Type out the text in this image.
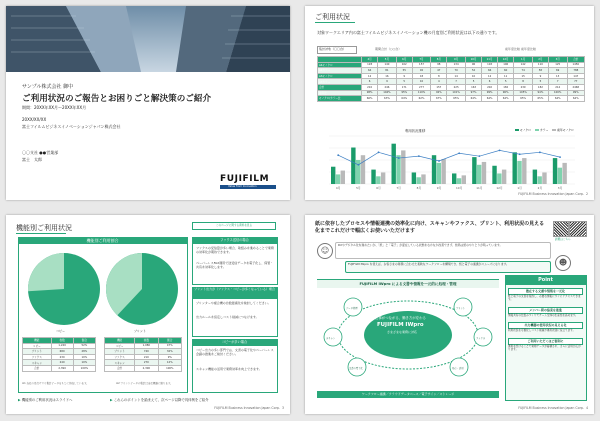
サンプル株式会社 御中
ご利用状況のご報告とお困りごと解決策のご紹介
期間：20XX年XX月～20XX年XX月
20XX/XX/XX
富士フイルムビジネスイノベーションジャパン株式会社
〇〇支社 ●●営業部
富士　太郎
FUJIFILM
Value from Innovation
ご利用状況
対象ワークエリア内の富士フイルムビジネスイノベーション機の月度別ご利用状況は以下の通りです。
集計対象（〇〇台）	期間合計（○○台）	前年度比較 前年度比較
	4月	5月	6月	7月	8月	9月	10月	11月	12月	1月	2月	3月	合計
A4モノクロ	128	140	102	157	98	134	96	118	106	142	110	125	1456
A4カラー	64	81	55	92	47	70	52	66	60	74	58	69	788
A3モノクロ	12	16	9	18	8	14	10	12	11	15	9	13	147
A3カラー	6	9	5	10	4	7	5	6	5	8	5	7	77
合計	210	246	171	277	157	225	163	202	182	239	182	214	2468
前年比	98%	104%	95%	110%	92%	101%	97%	99%	96%	105%	94%	100%	99%
モノクロ/カラー比	66%	63%	64%	62%	67%	65%	64%	64%	64%	65%	65%	64%	64%
利用状況推移	モノクロ	カラー	前年モノクロ
4月	5月	6月	7月	8月	9月	10月	11月	12月	1月	2月	3月
FUJIFILM Business Innovation Japan Corp. 2
機能別ご利用状況	このページに関する資料を見る
機能別ご利用割合
コピー	プリント
機能	枚数	割合
コピー	1,240	52%
プリント	680	28%
ファクス	230	10%
スキャン	240	10%
合計	2,390	100%
機能	枚数	割合
コピー	1,080	47%
プリント	740	32%
ファクス	210	9%
スキャン	270	12%
合計	2,300	100%
※1 当社の月次サマリ集計データをもとに作成しています。	※2 プリントデータの集計は当社機器に限ります。
ファクス送信の場合
ファクスの受信量が多い場合、取組みを進めることで業務の効率化が期待できます。
ペーパーレスFAX運用で送受信データを電子化し、保管・共有を効率化します。
プリント出力が（ファクス・コピーが多くなっている）場合
プリンターや複合機の台数最適化を検討してください。
出力ルールを設定しコスト削減につなげます。
コピーが多い場合
コピー出力の多い部門では、文書の電子化やペーパーレス会議の推進をご検討ください。
スキャン機能の活用で業務効率を向上できます。
▶ 機能別のご利用状況はスライドへ	▶ これらのポイントを踏まえて、次ページ以降で具体例をご紹介
FUJIFILM Business Innovation Japan Corp. 3
紙に依存したプロセスや情報連携の効率化に向け、スキャンやファクス、プリント、利用状況の見える化までこれだけで幅広くお使いいただけます
詳細はこちら
☺
DXやデジタル化を進めたいが、「紙」と「電子」が混在している状態をなかなか改善できず、結局は紙のやりとりが残っています。
FUJIFILM IWpro を使えば、お客さまの業務に合わせた柔軟なワークフローを構築でき、紙と電子の連携がスムーズになります。	☻
FUJIFILM IWpro による文書や情報を一元的に処理・管理
仕事がつながる、働き方が変わる
FUJIFILM IWpro
さまざまな業務に対応
データ管理	プリント
スキャン	ファクス
文書の電子化	共有・活用
ワークフロー連携／クラウドデータベース／電子サイン／ストレージ
Point
散在する文書や情報を一元化
紙と電子の文書を集約し、必要な情報にすぐにアクセスできます。
メンバー間の協業を推進
情報共有の仕組みづくりでチーム全体の生産性を高めます。
出力機器の使用状況の見える化
利用状況を可視化しコスト削減や運用改善に役立てます。
ご利用いただくほど便利に
運用を続けることで業務データが蓄積され、さらに活用が広がります。
FUJIFILM Business Innovation Japan Corp. 4
